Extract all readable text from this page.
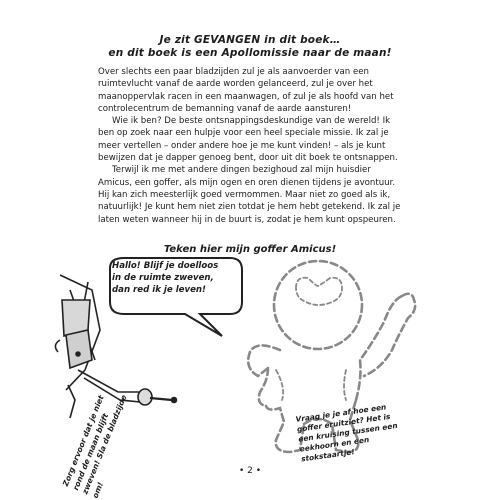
Je zit GEVANGEN in dit boek…
en dit boek is een Apollomissie naar de maan!

Over slechts een paar bladzijden zul je als aanvoerder van een ruimtevlucht vanaf de aarde worden gelanceerd, zul je over het maanoppervlak racen in een maanwagen, of zul je als hoofd van het controlecentrum de bemanning vanaf de aarde aansturen!

Wie ik ben? De beste ontsnappingsdeskundige van de wereld! Ik ben op zoek naar een hulpje voor een heel speciale missie. Ik zal je meer vertellen – onder andere hoe je me kunt vinden! – als je kunt bewijzen dat je dapper genoeg bent, door uit dit boek te ontsnappen.

Terwijl ik me met andere dingen bezighoud zal mijn huisdier Amicus, een goffer, als mijn ogen en oren dienen tijdens je avontuur. Hij kan zich meesterlijk goed vermommen. Maar niet zo goed als ik, natuurlijk! Je kunt hem niet zien totdat je hem hebt getekend. Ik zal je laten weten wanneer hij in de buurt is, zodat je hem kunt opspeuren.

Teken hier mijn goffer Amicus!
Hallo! Blijf je doelloos in de ruimte zweven, dan red ik je leven!
Zorg ervoor dat je niet rond de maan blijft zweven! Sla de bladzijde om!
Vraag je je af hoe een goffer eruitziet? Het is een kruising tussen een eekhoorn en een stokstaartje!
• 2 •
